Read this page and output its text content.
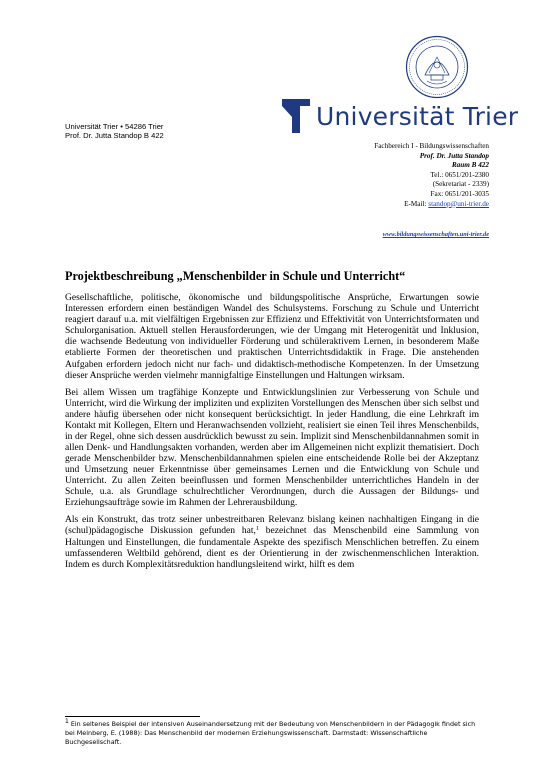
Universität Trier
Universität Trier • 54286 Trier
Prof. Dr. Jutta Standop B 422
Fachbereich I - Bildungswissenschaften
Prof. Dr. Jutta Standop
Raum B 422
Tel.: 0651/201-2380
(Sekretariat - 2339)
Fax: 0651/201-3035
E-Mail: standop@uni-trier.de
www.bildungswissenschaften.uni-trier.de
Projektbeschreibung „Menschenbilder in Schule und Unterricht“

Gesellschaftliche, politische, ökonomische und bildungspolitische Ansprüche, Erwartungen sowie Interessen erfordern einen beständigen Wandel des Schulsystems. Forschung zu Schule und Unterricht reagiert darauf u.a. mit vielfältigen Ergebnissen zur Effizienz und Effektivität von Unterrichtsformaten und Schulorganisation. Aktuell stellen Herausforderungen, wie der Umgang mit Heterogenität und Inklusion, die wachsende Bedeutung von individueller Förderung und schüleraktivem Lernen, in besonderem Maße etablierte Formen der theoretischen und praktischen Unterrichtsdidaktik in Frage. Die anstehenden Aufgaben erfordern jedoch nicht nur fach- und didaktisch-methodische Kompetenzen. In der Umsetzung dieser Ansprüche werden vielmehr mannigfaltige Einstellungen und Haltungen wirksam.

Bei allem Wissen um tragfähige Konzepte und Entwicklungslinien zur Verbesserung von Schule und Unterricht, wird die Wirkung der impliziten und expliziten Vorstellungen des Menschen über sich selbst und andere häufig übersehen oder nicht konsequent berücksichtigt. In jeder Handlung, die eine Lehrkraft im Kontakt mit Kollegen, Eltern und Heranwachsenden vollzieht, realisiert sie einen Teil ihres Menschenbilds, in der Regel, ohne sich dessen ausdrücklich bewusst zu sein. Implizit sind Menschenbildannahmen somit in allen Denk- und Handlungsakten vorhanden, werden aber im Allgemeinen nicht explizit thematisiert. Doch gerade Menschenbilder bzw. Menschenbildannahmen spielen eine entscheidende Rolle bei der Akzeptanz und Umsetzung neuer Erkenntnisse über gemeinsames Lernen und die Entwicklung von Schule und Unterricht. Zu allen Zeiten beeinflussen und formen Menschenbilder unterrichtliches Handeln in der Schule, u.a. als Grundlage schulrechtlicher Verordnungen, durch die Aussagen der Bildungs- und Erziehungsaufträge sowie im Rahmen der Lehrerausbildung.

Als ein Konstrukt, das trotz seiner unbestreitbaren Relevanz bislang keinen nachhaltigen Eingang in die (schul)pädagogische Diskussion gefunden hat,$^1$ bezeichnet das Menschenbild eine Sammlung von Haltungen und Einstellungen, die fundamentale Aspekte des spezifisch Menschlichen betreffen. Zu einem umfassenderen Weltbild gehörend, dient es der Orientierung in der zwischenmenschlichen Interaktion. Indem es durch Komplexitätsreduktion handlungsleitend wirkt, hilft es dem

$^1$ Ein seltenes Beispiel der intensiven Auseinandersetzung mit der Bedeutung von Menschenbildern in der Pädagogik findet sich bei Meinberg, E. (1988): Das Menschenbild der modernen Erziehungswissenschaft. Darmstadt: Wissenschaftliche Buchgesellschaft.
